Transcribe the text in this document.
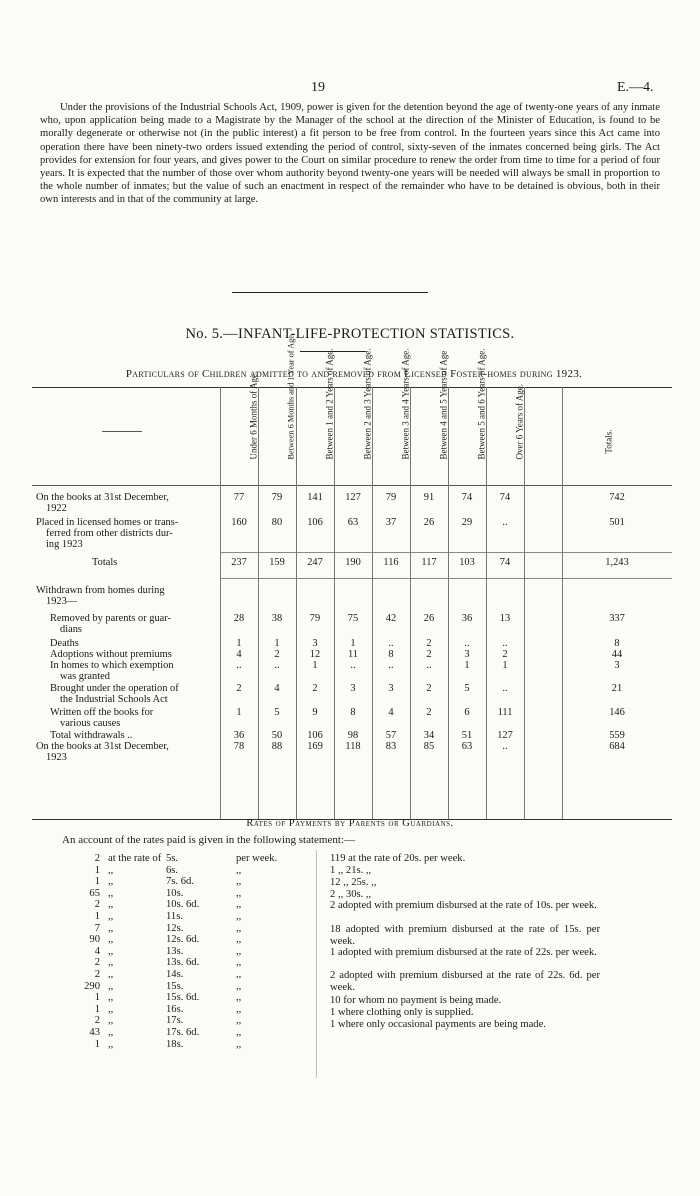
19	E.—4.
Under the provisions of the Industrial Schools Act, 1909, power is given for the detention beyond the age of twenty-one years of any inmate who, upon application being made to a Magistrate by the Manager of the school at the direction of the Minister of Education, is found to be morally degenerate or otherwise not (in the public interest) a fit person to be free from control. In the fourteen years since this Act came into operation there have been ninety-two orders issued extending the period of control, sixty-seven of the inmates concerned being girls. The Act provides for extension for four years, and gives power to the Court on similar procedure to renew the order from time to time for a period of four years. It is expected that the number of those over whom authority beyond twenty-one years will be needed will always be small in proportion to the whole number of inmates; but the value of such an enactment in respect of the remainder who have to be detained is obvious, both in their own interests and in that of the community at large.
No. 5.—INFANT-LIFE-PROTECTION STATISTICS.
Particulars of Children admitted to and removed from Licensed Foster-homes during 1923.
Under 6 Months of Age.	Between 6 Months and 1 Year of Age.	Between 1 and 2 Years of Age.	Between 2 and 3 Years of Age.	Between 3 and 4 Years of Age.	Between 4 and 5 Years of Age	Between 5 and 6 Years of Age.	Over 6 Years of Age.	Totals.
On the books at 31st December,
1922
77	79	141	127	79	91	74	74	742
Placed in licensed homes or trans-
ferred from other districts dur-
ing 1923
160	80	106	63	37	26	29	..	501
Totals	237	159	247	190	116	117	103	74	1,243
Withdrawn from homes during
1923—
Removed by parents or guar-
dians
28	38	79	75	42	26	36	13	337
Deaths	1	1	3	1	..	2	..	..	8
Adoptions without premiums	4	2	12	11	8	2	3	2	44
In homes to which exemption
was granted
..	..	1	..	..	..	1	1	3
Brought under the operation of
the Industrial Schools Act
2	4	2	3	3	2	5	..	21
Written off the books for
various causes
1	5	9	8	4	2	6	111	146
Total withdrawals ..	36	50	106	98	57	34	51	127	559
On the books at 31st December,
1923
78	88	169	118	83	85	63	..	684
Rates of Payments by Parents or Guardians.
An account of the rates paid is given in the following statement:—
2 at the rate of 5s.	per week.
1 ,,	6s.	,,
1 ,,	7s. 6d.	,,
65 ,,	10s.	,,
2 ,,	10s. 6d.	,,
1 ,,	11s.	,,
7 ,,	12s.	,,
90 ,,	12s. 6d.	,,
4 ,,	13s.	,,
2 ,,	13s. 6d.	,,
2 ,,	14s.	,,
290 ,,	15s.	,,
1 ,,	15s. 6d.	,,
1 ,,	16s.	,,
2 ,,	17s.	,,
43 ,,	17s. 6d.	,,
1 ,,	18s.	,,
119 at the rate of 20s. per week.
1 ,, 21s. ,,
12 ,, 25s. ,,
2 ,, 30s. ,,
2 adopted with premium disbursed at the rate of 10s. per week.
18 adopted with premium disbursed at the rate of 15s. per week.
1 adopted with premium disbursed at the rate of 22s. per week.
2 adopted with premium disbursed at the rate of 22s. 6d. per week.
10 for whom no payment is being made.
1 where clothing only is supplied.
1 where only occasional payments are being made.
